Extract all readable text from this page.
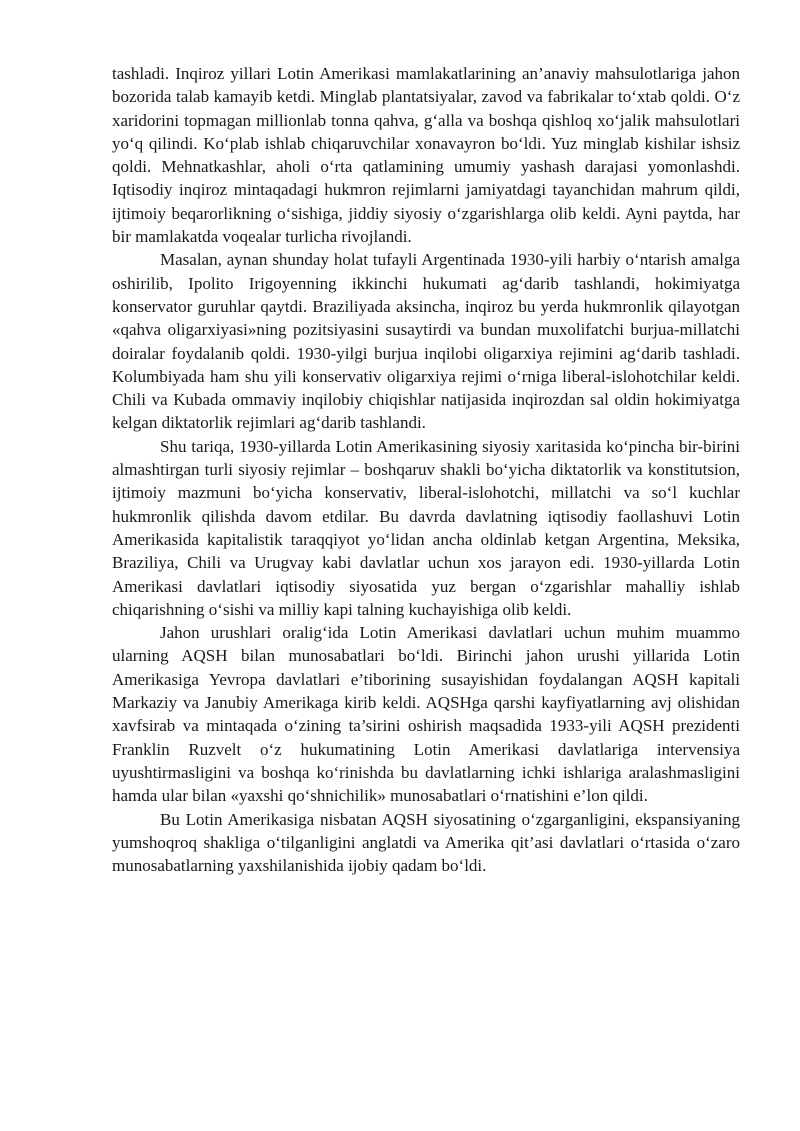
tashladi. Inqiroz yillari Lotin Amerikasi mamlakatlarining an’anaviy mahsulotlariga jahon bozorida talab kamayib ketdi. Minglab plantatsiyalar, zavod va fabrikalar to‘xtab qoldi. O‘z xaridorini topmagan millionlab tonna qahva, g‘alla va boshqa qishloq xo‘jalik mahsulotlari yo‘q qilindi. Ko‘plab ishlab chiqaruvchilar xonavayron bo‘ldi. Yuz minglab kishilar ishsiz qoldi. Mehnatkashlar, aholi o‘rta qatlamining umumiy yashash darajasi yomonlashdi. Iqtisodiy inqiroz mintaqadagi hukmron rejimlarni jamiyatdagi tayanchidan mahrum qildi, ijtimoiy beqarorlikning o‘sishiga, jiddiy siyosiy o‘zgarishlarga olib keldi. Ayni paytda, har bir mamlakatda voqealar turlicha rivojlandi.

Masalan, aynan shunday holat tufayli Argentinada 1930-yili harbiy o‘ntarish amalga oshirilib, Ipolito Irigoyenning ikkinchi hukumati ag‘darib tashlandi, hokimiyatga konservator guruhlar qaytdi. Braziliyada aksincha, inqiroz bu yerda hukmronlik qilayotgan «qahva oligarxiyasi»ning pozitsiyasini susaytirdi va bundan muxolifatchi burjua-millatchi doiralar foydalanib qoldi. 1930-yilgi burjua inqilobi oligarxiya rejimini ag‘darib tashladi. Kolumbiyada ham shu yili konservativ oligarxiya rejimi o‘rniga liberal-islohotchilar keldi. Chili va Kubada ommaviy inqilobiy chiqishlar natijasida inqirozdan sal oldin hokimiyatga kelgan diktatorlik rejimlari ag‘darib tashlandi.

Shu tariqa, 1930-yillarda Lotin Amerikasining siyosiy xaritasida ko‘pincha bir-birini almashtirgan turli siyosiy rejimlar – boshqaruv shakli bo‘yicha diktatorlik va konstitutsion, ijtimoiy mazmuni bo‘yicha konservativ, liberal-islohotchi, millatchi va so‘l kuchlar hukmronlik qilishda davom etdilar. Bu davrda davlatning iqtisodiy faollashuvi Lotin Amerikasida kapitalistik taraqqiyot yo‘lidan ancha oldinlab ketgan Argentina, Meksika, Braziliya, Chili va Urugvay kabi davlatlar uchun xos jarayon edi. 1930-yillarda Lotin Amerikasi davlatlari iqtisodiy siyosatida yuz bergan o‘zgarishlar mahalliy ishlab chiqarishning o‘sishi va milliy kapi talning kuchayishiga olib keldi.

Jahon urushlari oralig‘ida Lotin Amerikasi davlatlari uchun muhim muammo ularning AQSH bilan munosabatlari bo‘ldi. Birinchi jahon urushi yillarida Lotin Amerikasiga Yevropa davlatlari e’tiborining susayishidan foydalangan AQSH kapitali Markaziy va Janubiy Amerikaga kirib keldi. AQSHga qarshi kayfiyatlarning avj olishidan xavfsirab va mintaqada o‘zining ta’sirini oshirish maqsadida 1933-yili AQSH prezidenti Franklin Ruzvelt o‘z hukumatining Lotin Amerikasi davlatlariga intervensiya uyushtirmasligini va boshqa ko‘rinishda bu davlatlarning ichki ishlariga aralashmasligini hamda ular bilan «yaxshi qo‘shnichilik» munosabatlari o‘rnatishini e’lon qildi.

Bu Lotin Amerikasiga nisbatan AQSH siyosatining o‘zgarganligini, ekspansiyaning yumshoqroq shakliga o‘tilganligini anglatdi va Amerika qit’asi davlatlari o‘rtasida o‘zaro munosabatlarning yaxshilanishida ijobiy qadam bo‘ldi.
